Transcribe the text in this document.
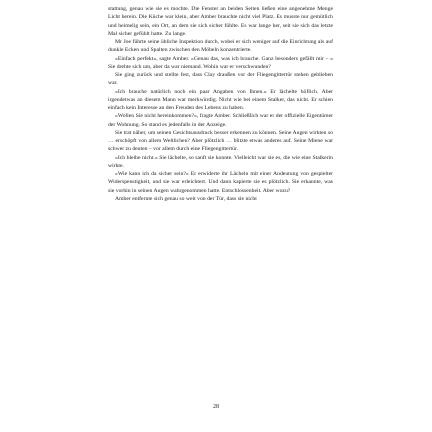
stattung, genau wie sie es mochte. Die Fenster an beiden Seiten ließen eine angenehme Menge Licht herein. Die Küche war klein, aber Amber brauchte nicht viel Platz. Es musste nur gemütlich und heimelig sein, ein Ort, an dem sie sich sicher fühlte. Es war lange her, seit sie sich das letzte Mal sicher gefühlt hatte. Zu lange.

Mr Joe führte seine übliche Inspektion durch, wobei er sich weniger auf die Einrichtung als auf dunkle Ecken und Spalten zwischen den Möbeln konzentrierte.

»Einfach perfekt«, sagte Amber. »Genau das, was ich brauche. Ganz besonders gefällt mir – « Sie drehte sich um, aber da war niemand. Wohin war er verschwunden?

Sie ging zurück und stellte fest, dass Clay draußen vor der Fliegengittertür stehen geblieben war.

»Ich brauche natürlich noch ein paar Angaben von Ihnen.« Er lächelte höflich. Aber irgendetwas an diesem Mann war merkwürdig. Nicht wie bei einem Stalker, das nicht. Er schien einfach kein Interesse an den Freuden des Lebens zu haben.

»Wollen Sie nicht hereinkommen?«, fragte Amber. Schließlich war er der offizielle Eigentümer der Wohnung. So stand es jedenfalls in der Anzeige.

Sie trat näher, um seinen Gesichtsausdruck besser erkennen zu können. Seine Augen wirkten so … erschöpft von allem Weltlichen? Aber plötzlich … blitzte etwas anderes auf. Seine Miene war schwer zu deuten – vor allem durch eine Fliegengittertür.

»Ich bleibe nicht.« Sie lächelte, so sanft sie konnte. Vielleicht war sie es, die wie eine Stalkerin wirkte.

»Wie kann ich da sicher sein?« Er erwiderte ihr Lächeln mit einer Andeutung von gespielter Widerspenstigkeit, und sie war erleichtert. Und dann kapierte sie es plötzlich. Sie erkannte, was sie vorhin in seinen Augen wahrgenommen hatte. Entschlossenheit. Aber wozu?

Amber entfernte sich genau so weit von der Tür, dass sie nicht

28
